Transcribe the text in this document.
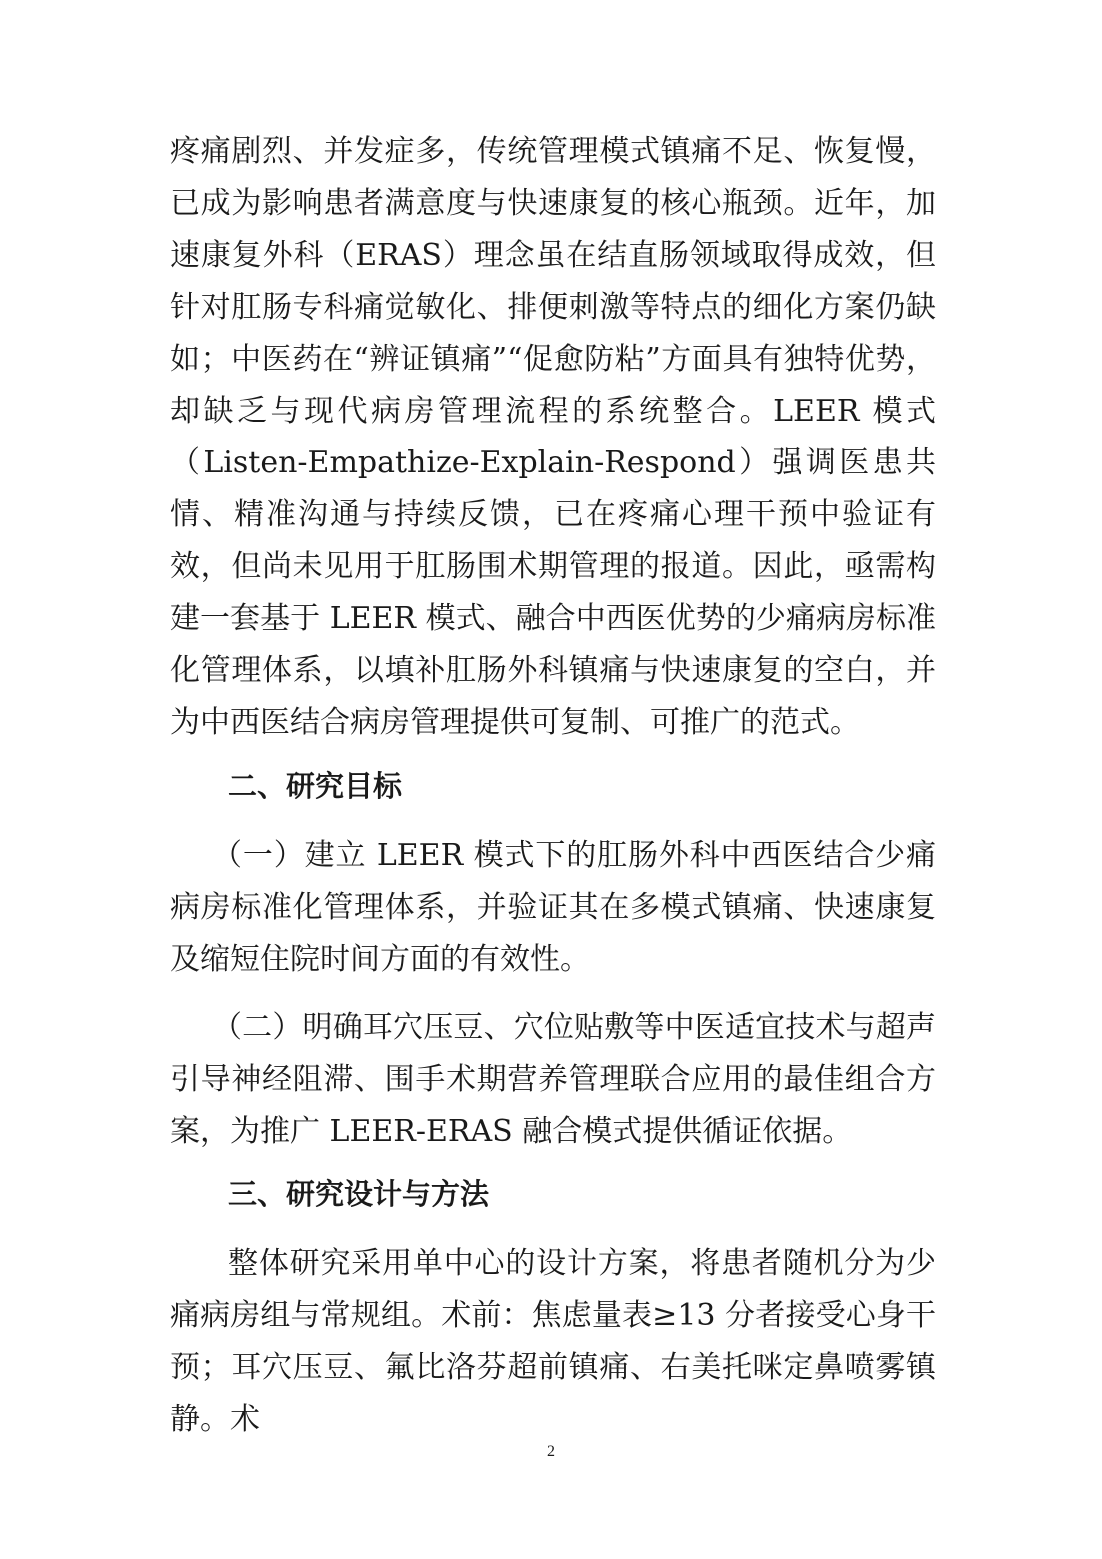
疼痛剧烈、并发症多，传统管理模式镇痛不足、恢复慢，已成为影响患者满意度与快速康复的核心瓶颈。近年，加速康复外科（ERAS）理念虽在结直肠领域取得成效，但针对肛肠专科痛觉敏化、排便刺激等特点的细化方案仍缺如；中医药在“辨证镇痛”“促愈防粘”方面具有独特优势，却缺乏与现代病房管理流程的系统整合。LEER 模式（Listen-Empathize-Explain-Respond）强调医患共情、精准沟通与持续反馈，已在疼痛心理干预中验证有效，但尚未见用于肛肠围术期管理的报道。因此，亟需构建一套基于 LEER 模式、融合中西医优势的少痛病房标准化管理体系，以填补肛肠外科镇痛与快速康复的空白，并为中西医结合病房管理提供可复制、可推广的范式。

二、研究目标

（一）建立 LEER 模式下的肛肠外科中西医结合少痛病房标准化管理体系，并验证其在多模式镇痛、快速康复及缩短住院时间方面的有效性。

（二）明确耳穴压豆、穴位贴敷等中医适宜技术与超声引导神经阻滞、围手术期营养管理联合应用的最佳组合方案，为推广 LEER-ERAS 融合模式提供循证依据。

三、研究设计与方法

整体研究采用单中心的设计方案，将患者随机分为少痛病房组与常规组。术前：焦虑量表≥13 分者接受心身干预；耳穴压豆、氟比洛芬超前镇痛、右美托咪定鼻喷雾镇静。术

2
